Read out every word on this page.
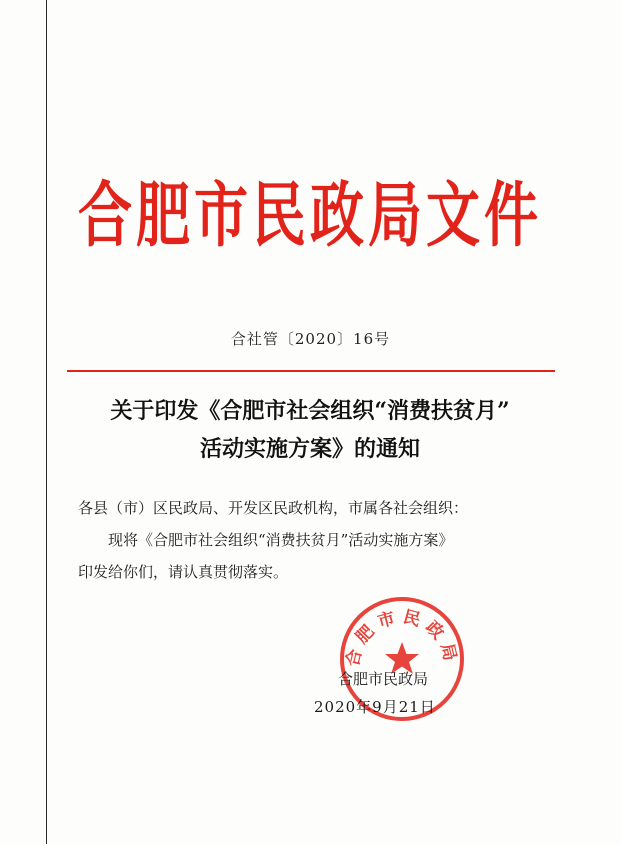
合肥市民政局文件
合社管〔2020〕16号
关于印发《合肥市社会组织“消费扶贫月”
活动实施方案》的通知

各县（市）区民政局、开发区民政机构，市属各社会组织：

现将《合肥市社会组织“消费扶贫月”活动实施方案》

印发给你们，请认真贯彻落实。

合肥市民政局
合肥市民政局
2020年9月21日
